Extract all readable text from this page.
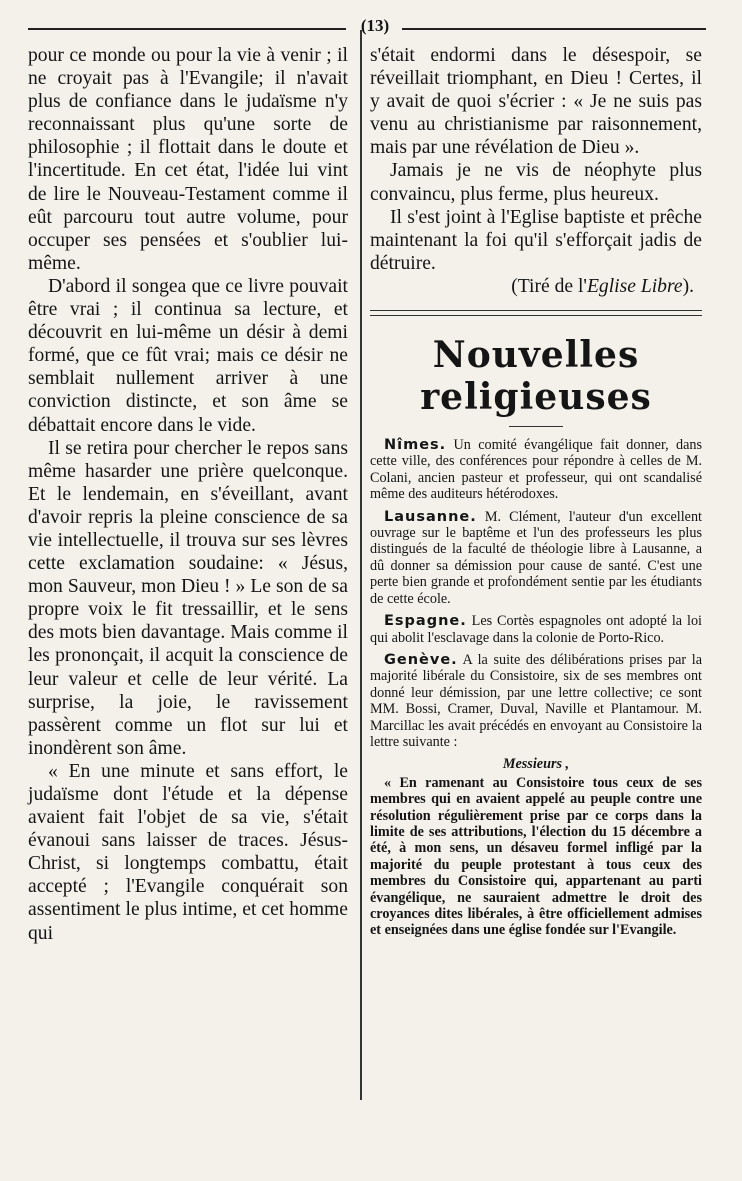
(13)

pour ce monde ou pour la vie à venir ; il ne croyait pas à l'Evangile; il n'avait plus de confiance dans le judaïsme n'y reconnaissant plus qu'une sorte de philosophie ; il flottait dans le doute et l'incertitude. En cet état, l'idée lui vint de lire le Nouveau-Testament comme il eût parcouru tout autre volume, pour occuper ses pensées et s'oublier lui-même.

D'abord il songea que ce livre pouvait être vrai ; il continua sa lecture, et découvrit en lui-même un désir à demi formé, que ce fût vrai; mais ce désir ne semblait nullement arriver à une conviction distincte, et son âme se débattait encore dans le vide.

Il se retira pour chercher le repos sans même hasarder une prière quelconque. Et le lendemain, en s'éveillant, avant d'avoir repris la pleine conscience de sa vie intellectuelle, il trouva sur ses lèvres cette exclamation soudaine: « Jésus, mon Sauveur, mon Dieu ! » Le son de sa propre voix le fit tressaillir, et le sens des mots bien davantage. Mais comme il les prononçait, il acquit la conscience de leur valeur et celle de leur vérité. La surprise, la joie, le ravissement passèrent comme un flot sur lui et inondèrent son âme.

« En une minute et sans effort, le judaïsme dont l'étude et la dépense avaient fait l'objet de sa vie, s'était évanoui sans laisser de traces. Jésus-Christ, si longtemps combattu, était accepté ; l'Evangile conquérait son assentiment le plus intime, et cet homme qui

s'était endormi dans le désespoir, se réveillait triomphant, en Dieu ! Certes, il y avait de quoi s'écrier : « Je ne suis pas venu au christianisme par raisonnement, mais par une révélation de Dieu ».

Jamais je ne vis de néophyte plus convaincu, plus ferme, plus heureux.

Il s'est joint à l'Eglise baptiste et prêche maintenant la foi qu'il s'efforçait jadis de détruire.

(Tiré de l'Eglise Libre).

Nouvelles religieuses

Nîmes. Un comité évangélique fait donner, dans cette ville, des conférences pour répondre à celles de M. Colani, ancien pasteur et professeur, qui ont scandalisé même des auditeurs hétérodoxes.

Lausanne. M. Clément, l'auteur d'un excellent ouvrage sur le baptême et l'un des professeurs les plus distingués de la faculté de théologie libre à Lausanne, a dû donner sa démission pour cause de santé. C'est une perte bien grande et profondément sentie par les étudiants de cette école.

Espagne. Les Cortès espagnoles ont adopté la loi qui abolit l'esclavage dans la colonie de Porto-Rico.

Genève. A la suite des délibérations prises par la majorité libérale du Consistoire, six de ses membres ont donné leur démission, par une lettre collective; ce sont MM. Bossi, Cramer, Duval, Naville et Plantamour. M. Marcillac les avait précédés en envoyant au Consistoire la lettre suivante :

Messieurs ,

« En ramenant au Consistoire tous ceux de ses membres qui en avaient appelé au peuple contre une résolution régulièrement prise par ce corps dans la limite de ses attributions, l'élection du 15 décembre a été, à mon sens, un désaveu formel infligé par la majorité du peuple protestant à tous ceux des membres du Consistoire qui, appartenant au parti évangélique, ne sauraient admettre le droit des croyances dites libérales, à être officiellement admises et enseignées dans une église fondée sur l'Evangile.
